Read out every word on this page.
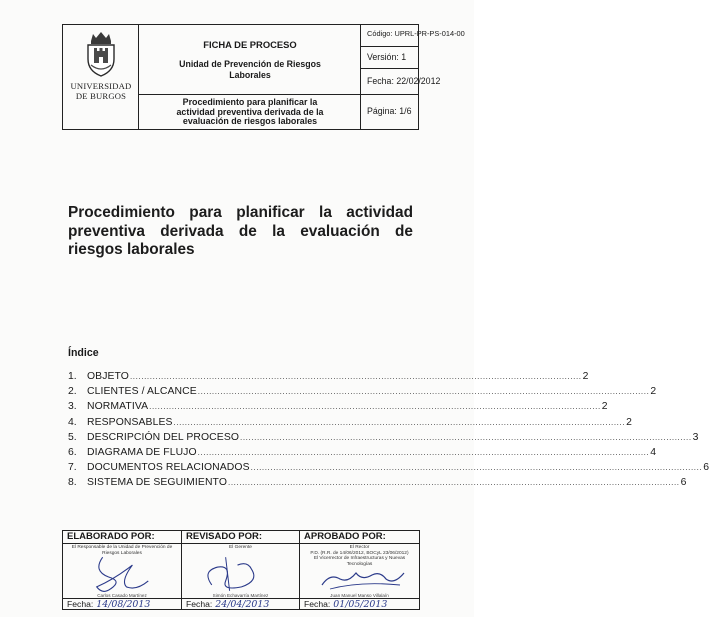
UNIVERSIDAD
DE BURGOS
FICHA DE PROCESO
Unidad de Prevención de Riesgos
Laborales
Procedimiento para planificar la
actividad preventiva derivada de la
evaluación de riesgos laborales
Código: UPRL-PR-PS-014-00
Versión: 1
Fecha: 22/02/2012
Página: 1/6
Procedimiento para planificar la actividad preventiva derivada de la evaluación de riesgos laborales
Índice
1. OBJETO ................................................................................................................................................................ 2
2. CLIENTES / ALCANCE ................................................................................................................................................................ 2
3. NORMATIVA ................................................................................................................................................................ 2
4. RESPONSABLES ................................................................................................................................................................ 2
5. DESCRIPCIÓN DEL PROCESO ................................................................................................................................................................ 3
6. DIAGRAMA DE FLUJO ................................................................................................................................................................ 4
7. DOCUMENTOS RELACIONADOS ................................................................................................................................................................ 6
8. SISTEMA DE SEGUIMIENTO ................................................................................................................................................................ 6
ELABORADO POR:
El Responsable de la Unidad de Prevención de Riesgos Laborales
Carlos Casado Martínez
Fecha: 14/08/2013
REVISADO POR:
El Gerente
Simón Echavarría Martínez
Fecha: 24/04/2013
APROBADO POR:
El Rector
P.D. (R.R. de 14/06/2012, BOCyL 23/06/2012)
El Vicerrector de Infraestructuras y Nuevas Tecnologías
Juan Manuel Manso Villalaín
Fecha: 01/05/2013
